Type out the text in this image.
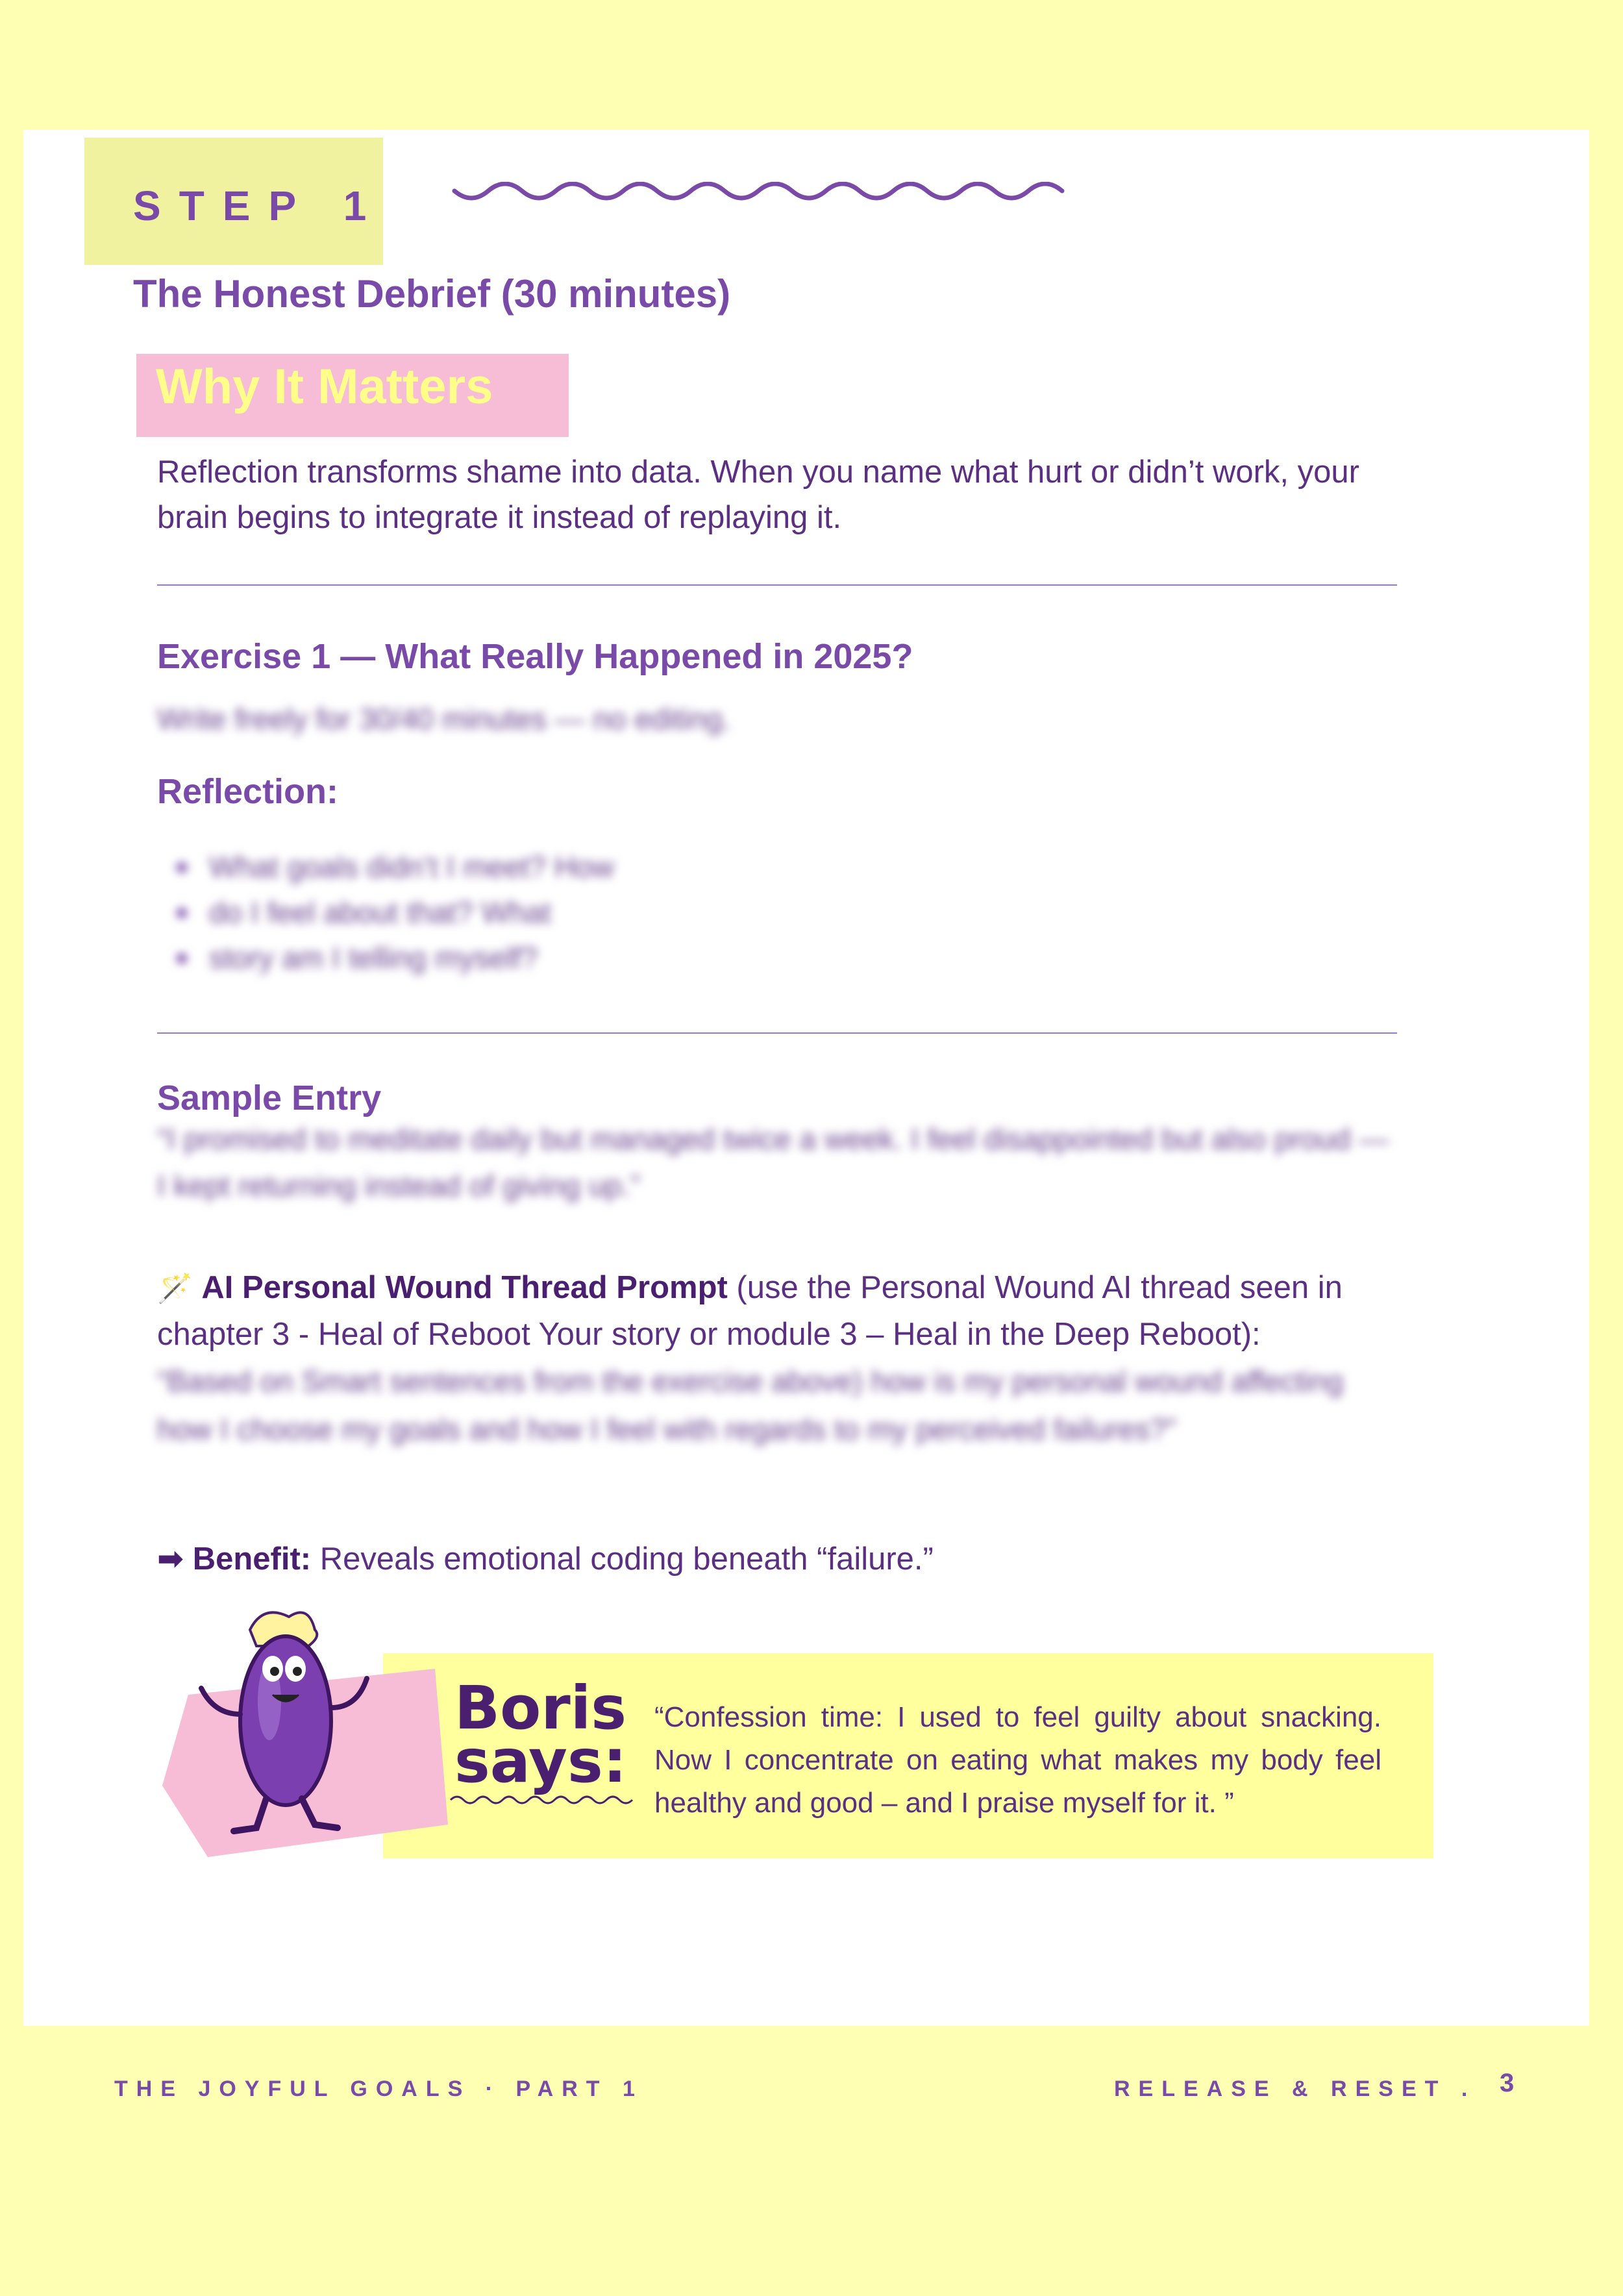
STEP 1
The Honest Debrief (30 minutes)
Why It Matters
Reflection transforms shame into data. When you name what hurt or didn’t work, your brain begins to integrate it instead of replaying it.
Exercise 1 — What Really Happened in 2025?
Write freely for 30/40 minutes — no editing.
Reflection:
What goals didn’t I meet? How
do I feel about that? What
story am I telling myself?
Sample Entry
“I promised to meditate daily but managed twice a week. I feel disappointed but also proud — I kept returning instead of giving up.”
🪄 AI Personal Wound Thread Prompt (use the Personal Wound AI thread seen in chapter 3 - Heal of Reboot Your story or module 3 – Heal in the Deep Reboot):
“Based on Smart sentences from the exercise above) how is my personal wound affecting how I choose my goals and how I feel with regards to my perceived failures?”
➡ Benefit: Reveals emotional coding beneath “failure.”
Boris
says:
“Confession time: I used to feel guilty about snacking. Now I concentrate on eating what makes my body feel healthy and good – and I praise myself for it. ”
THE JOYFUL GOALS · PART 1	RELEASE & RESET . 3
